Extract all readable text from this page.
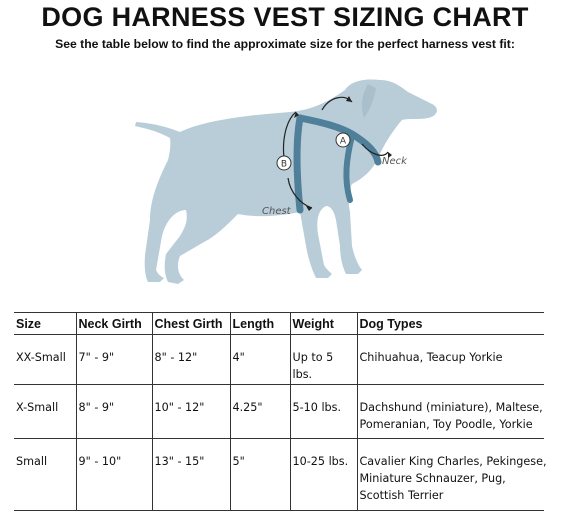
DOG HARNESS VEST SIZING CHART
See the table below to find the approximate size for the perfect harness vest fit:
A
B	Neck
Chest
Size	Neck Girth	Chest Girth	Length	Weight	Dog Types
XX-Small	7" - 9"	8" - 12"	4"	Up to 5 lbs.	Chihuahua, Teacup Yorkie

X-Small	8" - 9"	10" - 12"	4.25"	5-10 lbs.	Dachshund (miniature), Maltese,
Pomeranian, Toy Poodle, Yorkie

Small	9" - 10"	13" - 15"	5"	10-25 lbs.	Cavalier King Charles, Pekingese,
Miniature Schnauzer, Pug,
Scottish Terrier
